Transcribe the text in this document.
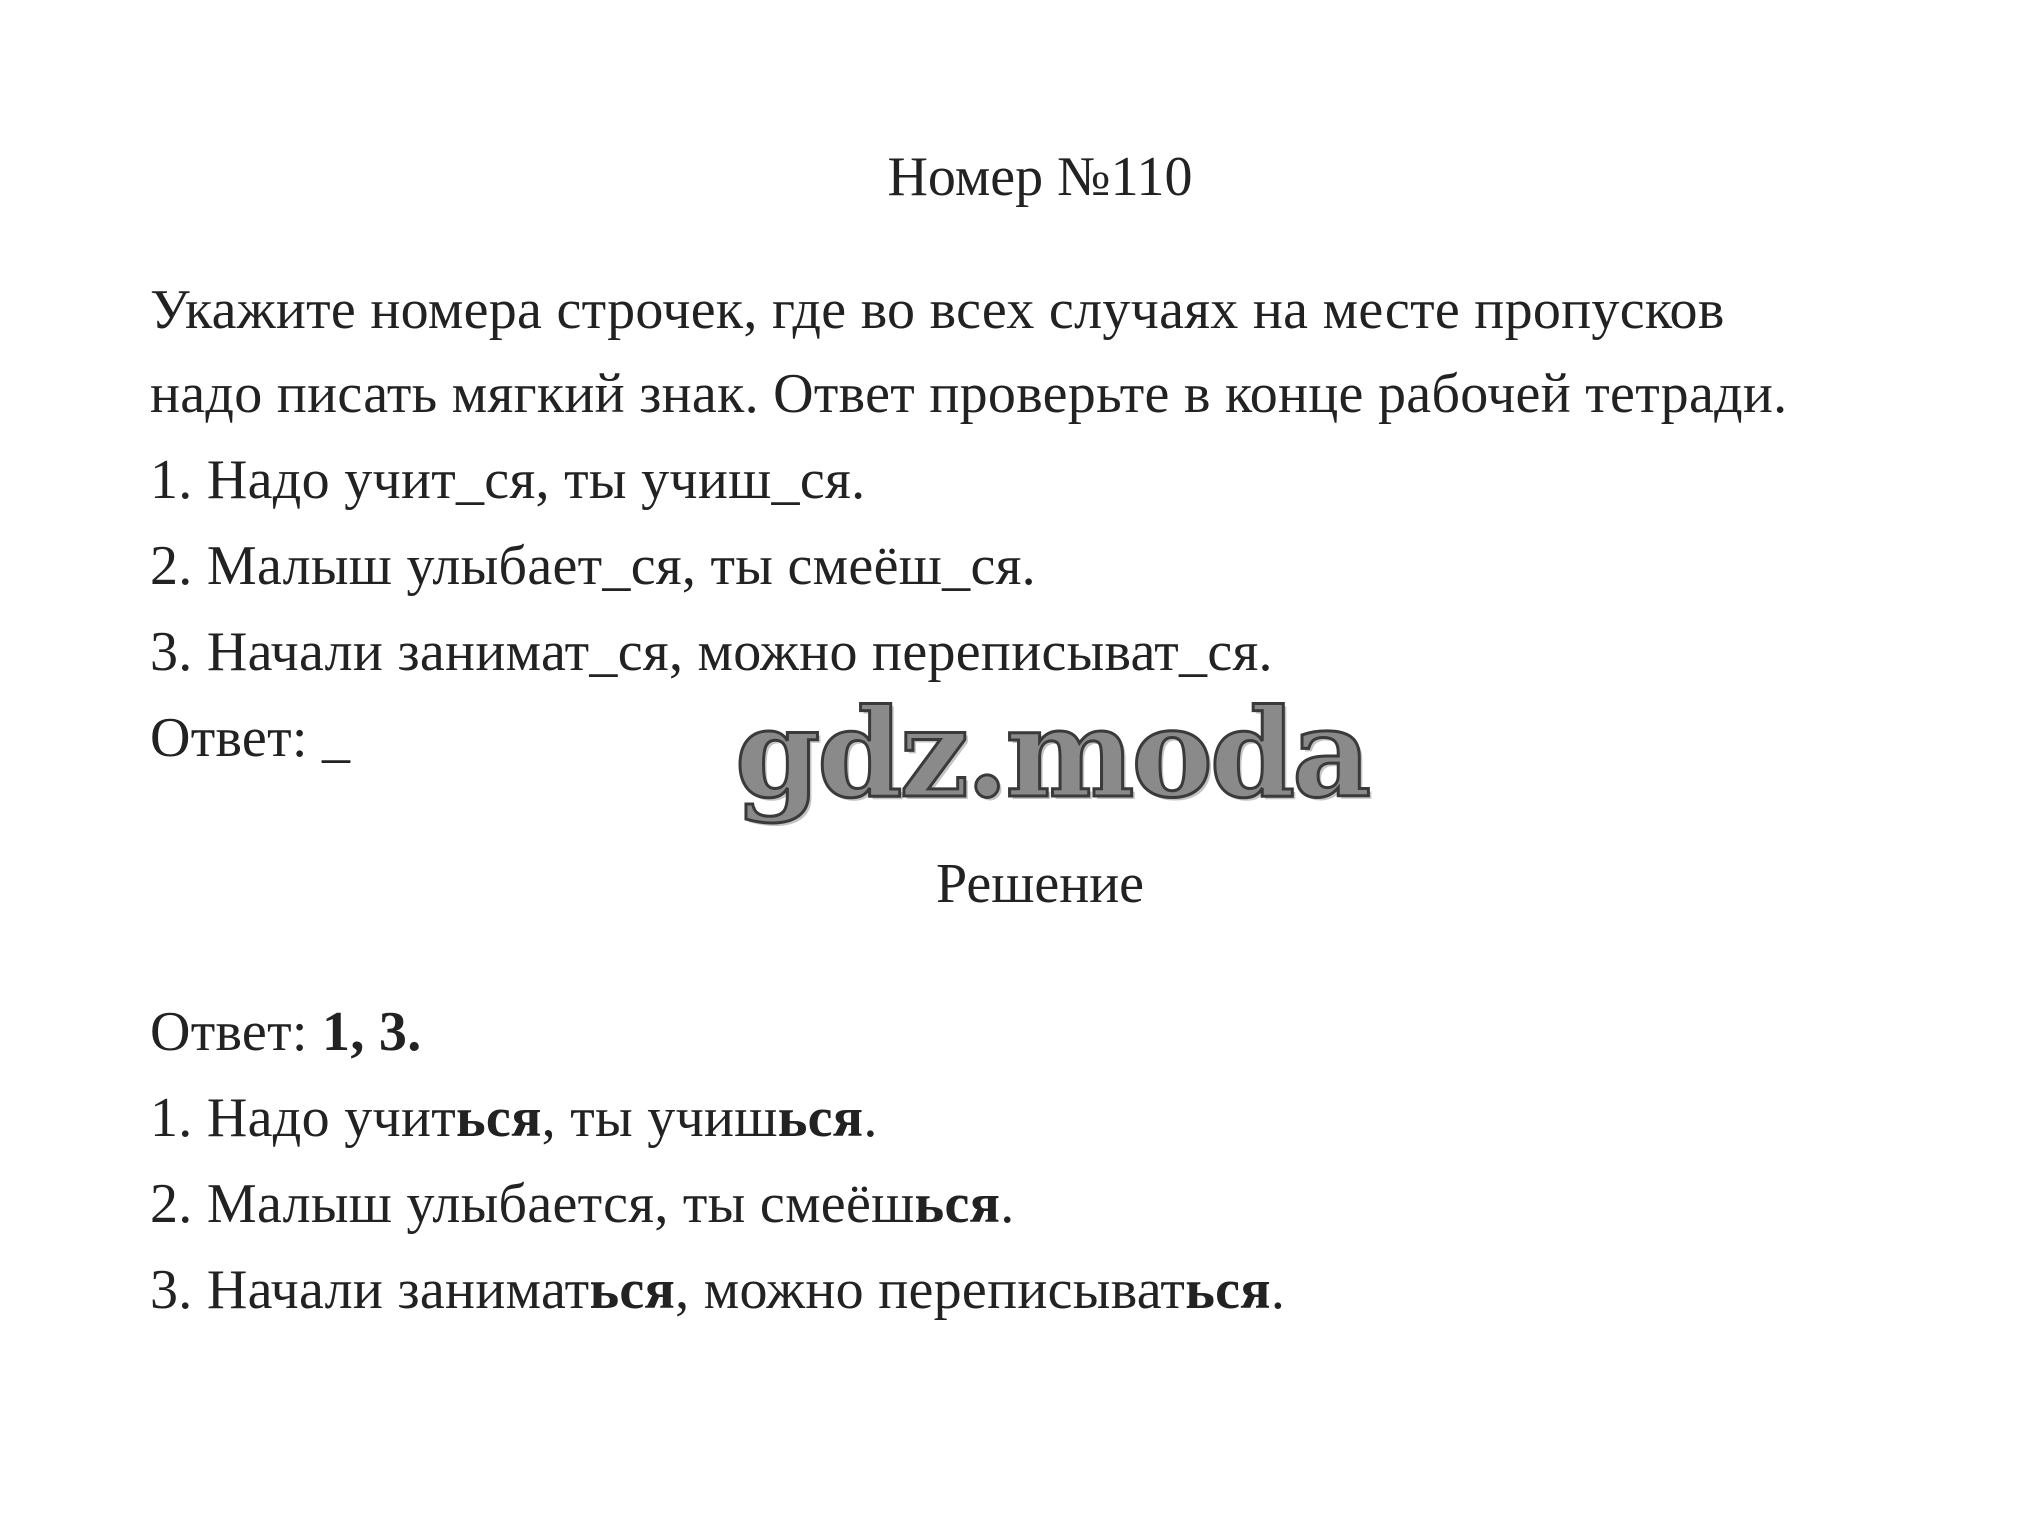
Номер №110
Укажите номера строчек, где во всех случаях на месте пропусков
надо писать мягкий знак. Ответ проверьте в конце рабочей тетради.
1. Надо учит_ся, ты учиш_ся.
2. Малыш улыбает_ся, ты смеёш_ся.
3. Начали занимат_ся, можно переписыват_ся.
Ответ: _	gdz.moda
Решение
Ответ: 1, 3.
1. Надо учиться, ты учишься.
2. Малыш улыбается, ты смеёшься.
3. Начали заниматься, можно переписываться.
